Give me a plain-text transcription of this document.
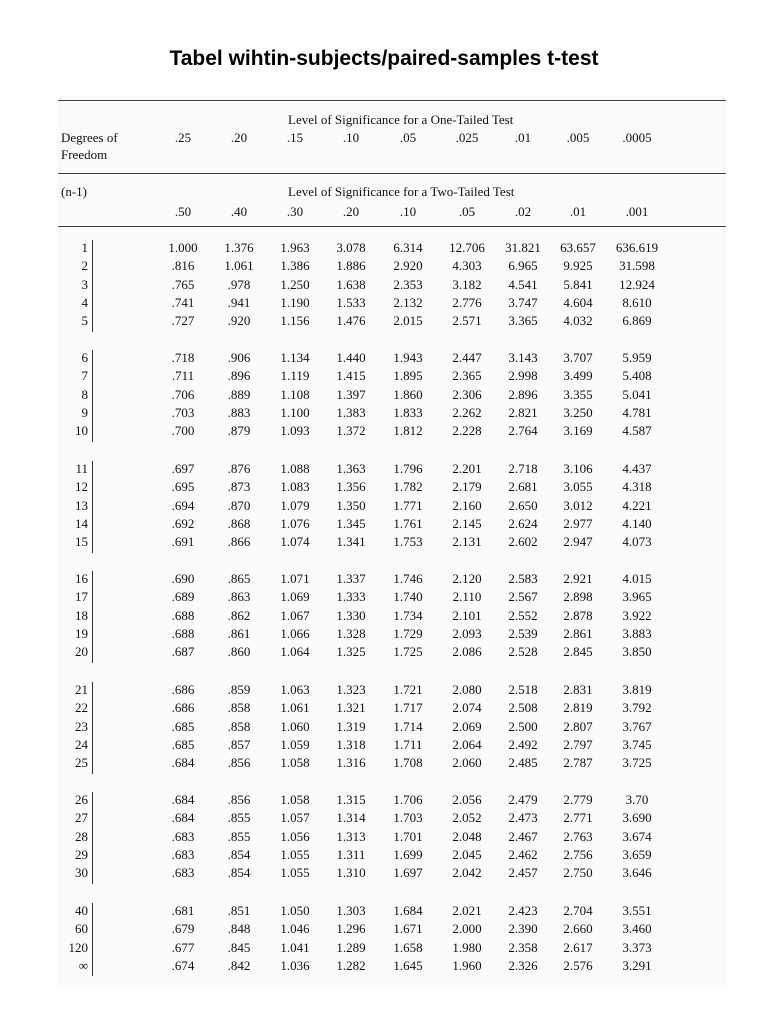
Tabel wihtin-subjects/paired-samples t-test
Degrees of
Freedom
(n-1)
Level of Significance for a One-Tailed Test
Level of Significance for a Two-Tailed Test
.25	.20	.15	.10	.05	.025	.01	.005	.0005
.50	.40	.30	.20	.10	.05	.02	.01	.001
1	1.000 1.376 1.963 3.078 6.314 12.706 31.821 63.657 636.619
2	.816 1.061 1.386 1.886 2.920 4.303 6.965 9.925 31.598
3	.765	.978 1.250 1.638 2.353 3.182 4.541 5.841 12.924
4	.741	.941 1.190 1.533 2.132 2.776 3.747 4.604 8.610
5	.727	.920 1.156 1.476 2.015 2.571 3.365 4.032 6.869
6	.718	.906 1.134 1.440 1.943 2.447 3.143 3.707 5.959
7	.711	.896 1.119 1.415 1.895 2.365 2.998 3.499 5.408
8	.706	.889 1.108 1.397 1.860 2.306 2.896 3.355 5.041
9	.703	.883 1.100 1.383 1.833 2.262 2.821 3.250 4.781
10	.700	.879 1.093 1.372 1.812 2.228 2.764 3.169 4.587
11	.697	.876 1.088 1.363 1.796 2.201 2.718 3.106 4.437
12	.695	.873 1.083 1.356 1.782 2.179 2.681 3.055 4.318
13	.694	.870 1.079 1.350 1.771 2.160 2.650 3.012 4.221
14	.692	.868 1.076 1.345 1.761 2.145 2.624 2.977 4.140
15	.691	.866 1.074 1.341 1.753 2.131 2.602 2.947 4.073
16	.690	.865 1.071 1.337 1.746 2.120 2.583 2.921 4.015
17	.689	.863 1.069 1.333 1.740 2.110 2.567 2.898 3.965
18	.688	.862 1.067 1.330 1.734 2.101 2.552 2.878 3.922
19	.688	.861 1.066 1.328 1.729 2.093 2.539 2.861 3.883
20	.687	.860 1.064 1.325 1.725 2.086 2.528 2.845 3.850
21	.686	.859 1.063 1.323 1.721 2.080 2.518 2.831 3.819
22	.686	.858 1.061 1.321 1.717 2.074 2.508 2.819 3.792
23	.685	.858 1.060 1.319 1.714 2.069 2.500 2.807 3.767
24	.685	.857 1.059 1.318 1.711 2.064 2.492 2.797 3.745
25	.684	.856 1.058 1.316 1.708 2.060 2.485 2.787 3.725
26	.684	.856 1.058 1.315 1.706 2.056 2.479 2.779	3.70
27	.684	.855 1.057 1.314 1.703 2.052 2.473 2.771 3.690
28	.683	.855 1.056 1.313 1.701 2.048 2.467 2.763 3.674
29	.683	.854 1.055 1.311 1.699 2.045 2.462 2.756 3.659
30	.683	.854 1.055 1.310 1.697 2.042 2.457 2.750 3.646
40	.681	.851 1.050 1.303 1.684 2.021 2.423 2.704 3.551
60	.679	.848 1.046 1.296 1.671 2.000 2.390 2.660 3.460
120	.677	.845 1.041 1.289 1.658 1.980 2.358 2.617 3.373
∞	.674	.842 1.036 1.282 1.645 1.960 2.326 2.576 3.291
